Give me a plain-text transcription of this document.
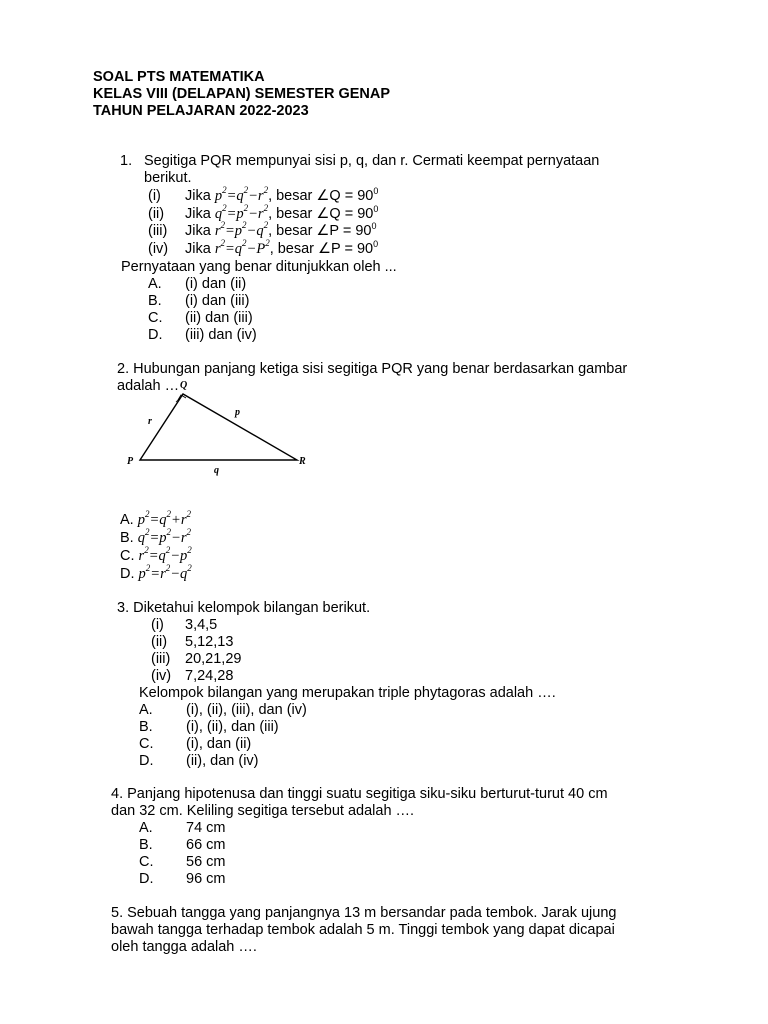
SOAL PTS MATEMATIKA
KELAS VIII (DELAPAN) SEMESTER GENAP
TAHUN PELAJARAN 2022-2023
1. Segitiga PQR mempunyai sisi p, q, dan r. Cermati keempat pernyataan
berikut.
(i) Jika $p^2=q^2-r^2$, besar ∠Q = $90^0$
(ii) Jika $q^2=p^2-r^2$, besar ∠Q = $90^0$
(iii) Jika $r^2=p^2-q^2$, besar ∠P = $90^0$
(iv) Jika $r^2=q^2-P^2$, besar ∠P = $90^0$
Pernyataan yang benar ditunjukkan oleh ...
A. (i) dan (ii)
B. (i) dan (iii)
C. (ii) dan (iii)
D. (iii) dan (iv)
2. Hubungan panjang ketiga sisi segitiga PQR yang benar berdasarkan gambar
adalah … Q
P	R
r
p
q
A. $p^2=q^2+r^2$
B. $q^2=p^2-r^2$
C. $r^2=q^2-p^2$
D. $p^2=r^2-q^2$
3. Diketahui kelompok bilangan berikut.
(i) 3,4,5
(ii) 5,12,13
(iii) 20,21,29
(iv) 7,24,28
Kelompok bilangan yang merupakan triple phytagoras adalah ….
A. (i), (ii), (iii), dan (iv)
B. (i), (ii), dan (iii)
C. (i), dan (ii)
D. (ii), dan (iv)
4. Panjang hipotenusa dan tinggi suatu segitiga siku-siku berturut-turut 40 cm
dan 32 cm. Keliling segitiga tersebut adalah ….
A. 74 cm
B. 66 cm
C. 56 cm
D. 96 cm
5. Sebuah tangga yang panjangnya 13 m bersandar pada tembok. Jarak ujung
bawah tangga terhadap tembok adalah 5 m. Tinggi tembok yang dapat dicapai
oleh tangga adalah ….
